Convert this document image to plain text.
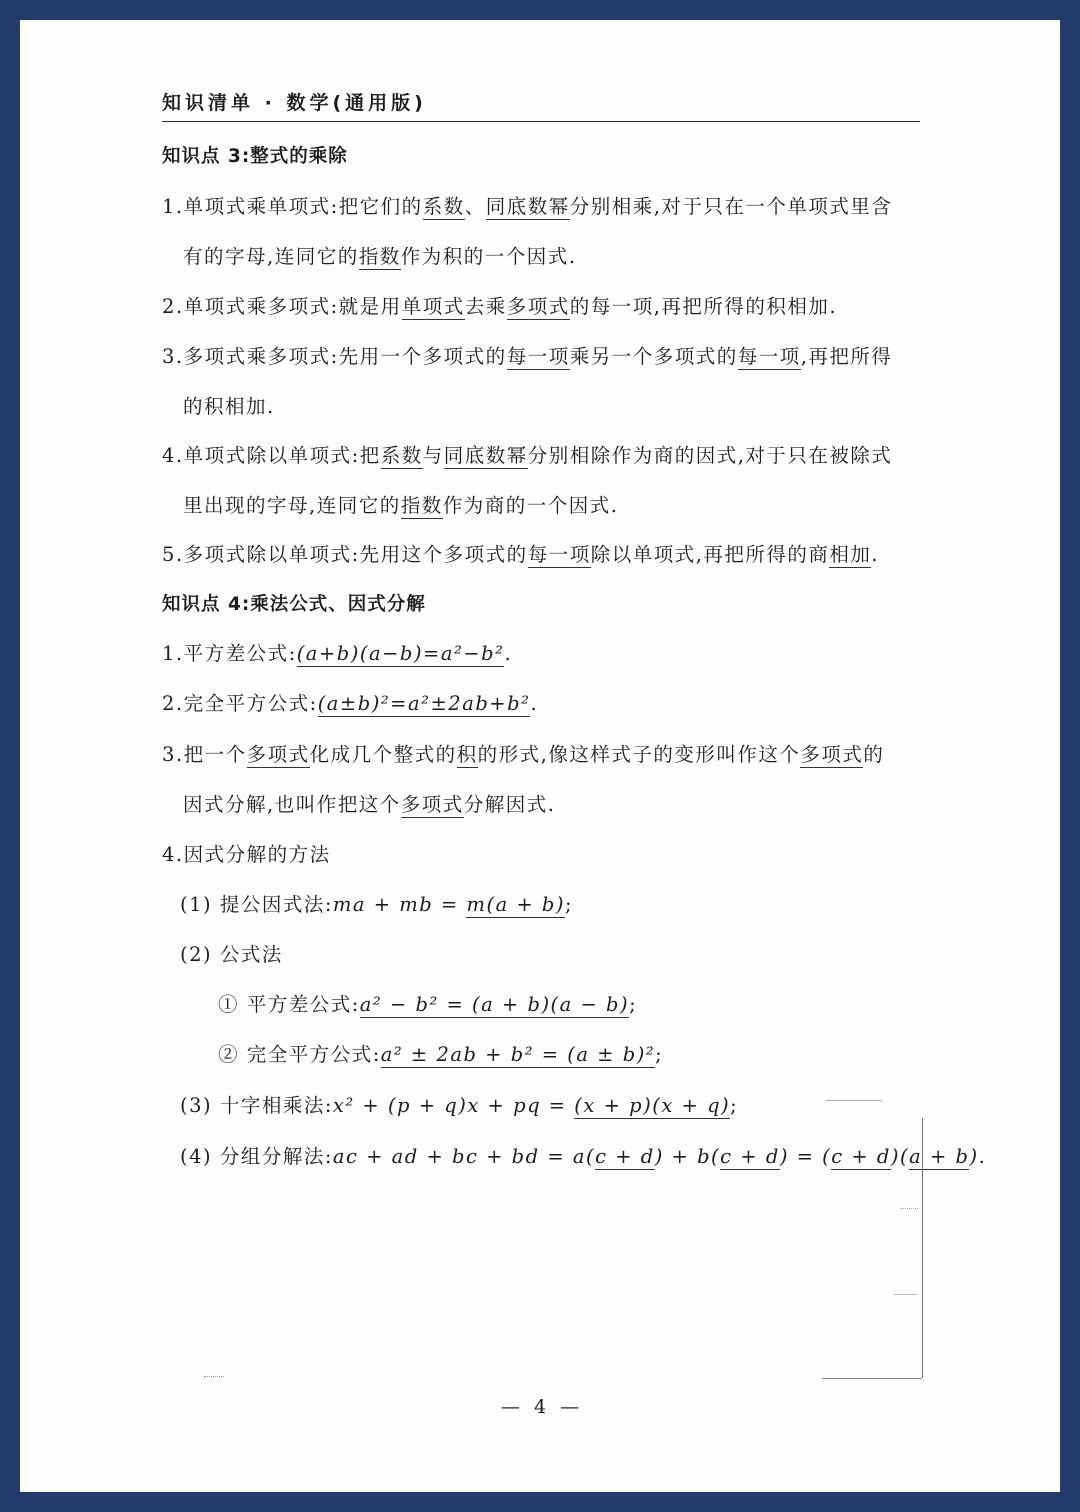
知识清单 · 数学(通用版)
知识点 3:整式的乘除
1.单项式乘单项式:把它们的系数、同底数幂分别相乘,对于只在一个单项式里含
有的字母,连同它的指数作为积的一个因式.
2.单项式乘多项式:就是用单项式去乘多项式的每一项,再把所得的积相加.
3.多项式乘多项式:先用一个多项式的每一项乘另一个多项式的每一项,再把所得
的积相加.
4.单项式除以单项式:把系数与同底数幂分别相除作为商的因式,对于只在被除式
里出现的字母,连同它的指数作为商的一个因式.
5.多项式除以单项式:先用这个多项式的每一项除以单项式,再把所得的商相加.
知识点 4:乘法公式、因式分解
1.平方差公式:(a+b)(a−b)=a²−b².
2.完全平方公式:(a±b)²=a²±2ab+b².
3.把一个多项式化成几个整式的积的形式,像这样式子的变形叫作这个多项式的
因式分解,也叫作把这个多项式分解因式.
4.因式分解的方法
(1) 提公因式法:ma + mb = m(a + b);
(2) 公式法
① 平方差公式:a² − b² = (a + b)(a − b);
② 完全平方公式:a² ± 2ab + b² = (a ± b)²;
(3) 十字相乘法:x² + (p + q)x + pq = (x + p)(x + q);
(4) 分组分解法:ac + ad + bc + bd = a(c + d) + b(c + d) = (c + d)(a + b).
— 4 —
